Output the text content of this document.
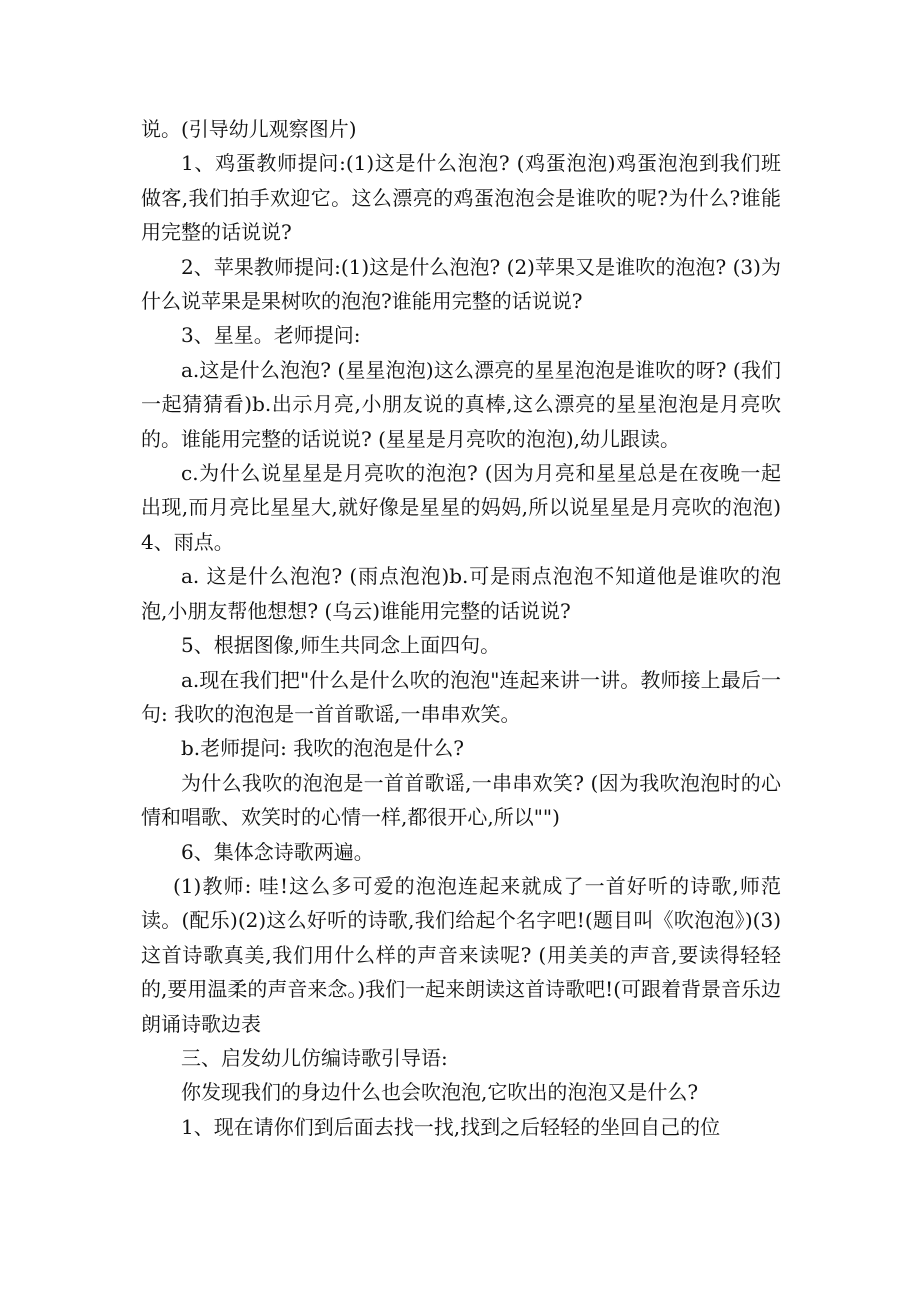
说。(引导幼儿观察图片)

1、鸡蛋教师提问:(1)这是什么泡泡? (鸡蛋泡泡)鸡蛋泡泡到我们班做客,我们拍手欢迎它。这么漂亮的鸡蛋泡泡会是谁吹的呢?为什么?谁能用完整的话说说?

2、苹果教师提问:(1)这是什么泡泡? (2)苹果又是谁吹的泡泡? (3)为什么说苹果是果树吹的泡泡?谁能用完整的话说说?

3、星星。老师提问:

a.这是什么泡泡? (星星泡泡)这么漂亮的星星泡泡是谁吹的呀? (我们一起猜猜看)b.出示月亮,小朋友说的真棒,这么漂亮的星星泡泡是月亮吹的。谁能用完整的话说说? (星星是月亮吹的泡泡),幼儿跟读。

c.为什么说星星是月亮吹的泡泡? (因为月亮和星星总是在夜晚一起出现,而月亮比星星大,就好像是星星的妈妈,所以说星星是月亮吹的泡泡)　　　4、雨点。

a. 这是什么泡泡? (雨点泡泡)b.可是雨点泡泡不知道他是谁吹的泡泡,小朋友帮他想想? (乌云)谁能用完整的话说说?

5、根据图像,师生共同念上面四句。

a.现在我们把"什么是什么吹的泡泡"连起来讲一讲。教师接上最后一句: 我吹的泡泡是一首首歌谣,一串串欢笑。

b.老师提问: 我吹的泡泡是什么?

为什么我吹的泡泡是一首首歌谣,一串串欢笑? (因为我吹泡泡时的心情和唱歌、欢笑时的心情一样,都很开心,所以"")

6、集体念诗歌两遍。

(1)教师: 哇!这么多可爱的泡泡连起来就成了一首好听的诗歌,师范读。(配乐)(2)这么好听的诗歌,我们给起个名字吧!(题目叫《吹泡泡》)(3)这首诗歌真美,我们用什么样的声音来读呢? (用美美的声音,要读得轻轻的,要用温柔的声音来念。)我们一起来朗读这首诗歌吧!(可跟着背景音乐边朗诵诗歌边表

三、启发幼儿仿编诗歌引导语:

你发现我们的身边什么也会吹泡泡,它吹出的泡泡又是什么?

1、现在请你们到后面去找一找,找到之后轻轻的坐回自己的位
